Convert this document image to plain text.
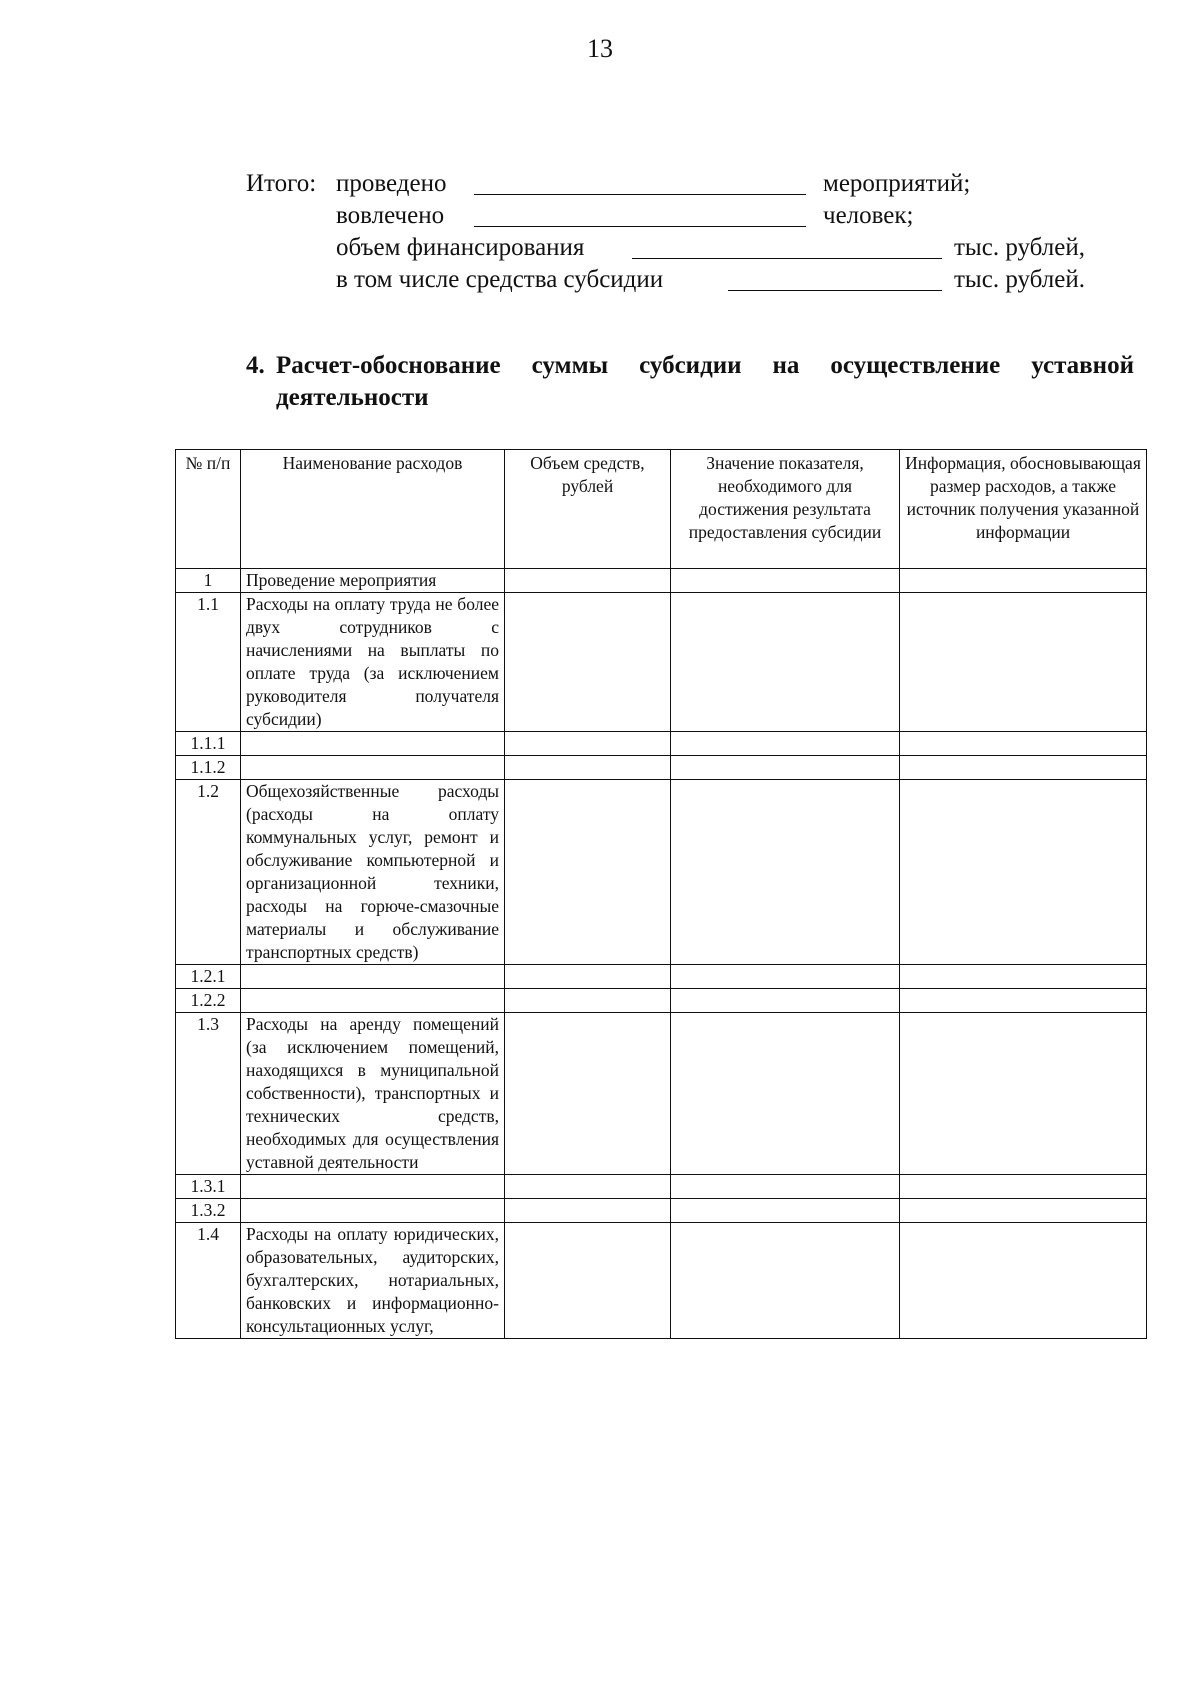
13
Итого: проведено	мероприятий;
вовлечено	человек;
объем финансирования	тыс. рублей,
в том числе средства субсидии	тыс. рублей.
4. Расчет-обоснование суммы субсидии на осуществление уставной деятельности
№ п/п	Наименование расходов	Объем средств, рублей	Значение показателя, необходимого для достижения результата предоставления субсидии	Информация, обосновывающая размер расходов, а также источник получения указанной информации
1	Проведение мероприятия			
1.1	Расходы на оплату труда не более двух сотрудников с начислениями на выплаты по оплате труда (за исключением руководителя получателя субсидии)			
1.1.1				
1.1.2				
1.2	Общехозяйственные расходы (расходы на оплату коммунальных услуг, ремонт и обслуживание компьютерной и организационной техники, расходы на горюче-смазочные материалы и обслуживание транспортных средств)			
1.2.1				
1.2.2				
1.3	Расходы на аренду помещений (за исключением помещений, находящихся в муниципальной собственности), транспортных и технических средств, необходимых для осуществления уставной деятельности			
1.3.1				
1.3.2				
1.4	Расходы на оплату юридических, образовательных, аудиторских, бухгалтерских, нотариальных, банковских и информационно-консультационных услуг,			
